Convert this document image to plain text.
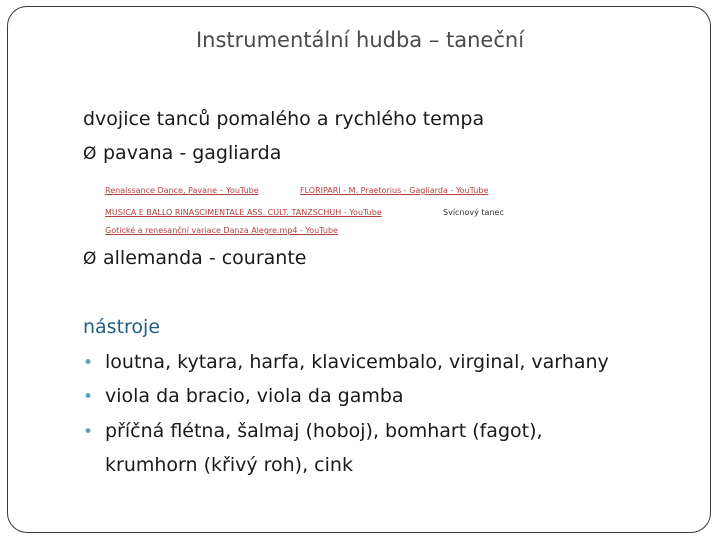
Instrumentální hudba – taneční
dvojice tanců pomalého a rychlého tempa
Ø pavana - gagliarda
Renaissance Dance, Pavane – YouTube	FLORIPARI - M. Praetorius - Gagliarda - YouTube
MUSICA E BALLO RINASCIMENTALE ASS. CULT. TANZSCHUH - YouTube	Svícnový tanec
Gotické a renesanční variace Danza Alegre.mp4 - YouTube
Ø allemanda - courante
nástroje
• loutna, kytara, harfa, klavicembalo, virginal, varhany
• viola da bracio, viola da gamba
• příčná flétna, šalmaj (hoboj), bomhart (fagot),
krumhorn (křivý roh), cink
